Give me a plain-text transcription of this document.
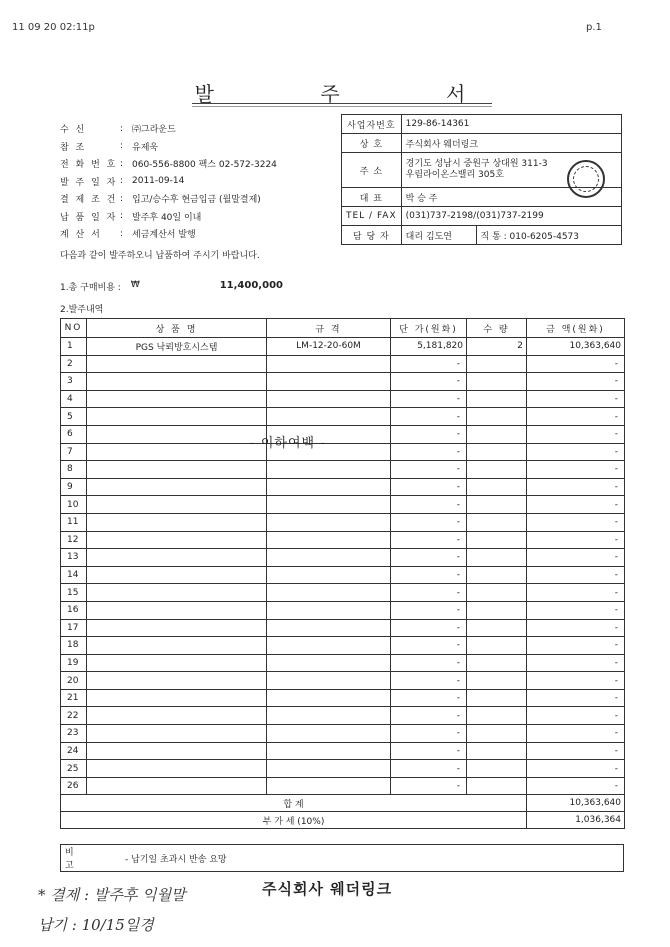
11 09 20 02:11p	p.1
발 주 서
수 신	: ㈜그라운드
참 조	: 유제욱
전 화 번 호 : 060-556-8800 팩스 02-572-3224
발 주 일 자 : 2011-09-14
결 제 조 건 : 입고/승수후 현금입금 (월말결제)
납 품 일 자 : 발주후 40일 이내
계 산 서	: 세금계산서 발행
사업자번호	129-86-14361	
상 호	주식회사 웨더링크	
주 소	경기도 성남시 중원구 상대원 311-3
우림라이온스밸리 305호	

대 표	박 승 주	
TEL / FAX	(031)737-2198/(031)737-2199	
담 당 자	대리 김도연	직 통 : 010-6205-4573
다음과 같이 발주하오니 납품하여 주시기 바랍니다.
1.총 구매비용 : ₩	11,400,000
2.발주내역
NO	상 품 명	규 격	단 가(원화)	수 량	금 액(원화)
1	PGS 낙뢰방호시스템	LM-12-20-60M	5,181,820	2	10,363,640
2			-		-
3			-		-
4			-		-
5			-		-
6			-		-
7			-		-
8			-		-
9			-		-
10			-		-
11			-		-
12			-		-
13			-		-
14			-		-
15			-		-
16			-		-
17			-		-
18			-		-
19			-		-
20			-		-
21			-		-
22			-		-
23			-		-
24			-		-
25			-		-
26			-		-
합 계					10,363,640
부 가 세 (10%)					1,036,364
- 이하여백 -
비 고
- 납기일 초과시 반송 요망
* 결제 : 발주후 익월말
납기 : 10/15일경
주식회사 웨더링크
